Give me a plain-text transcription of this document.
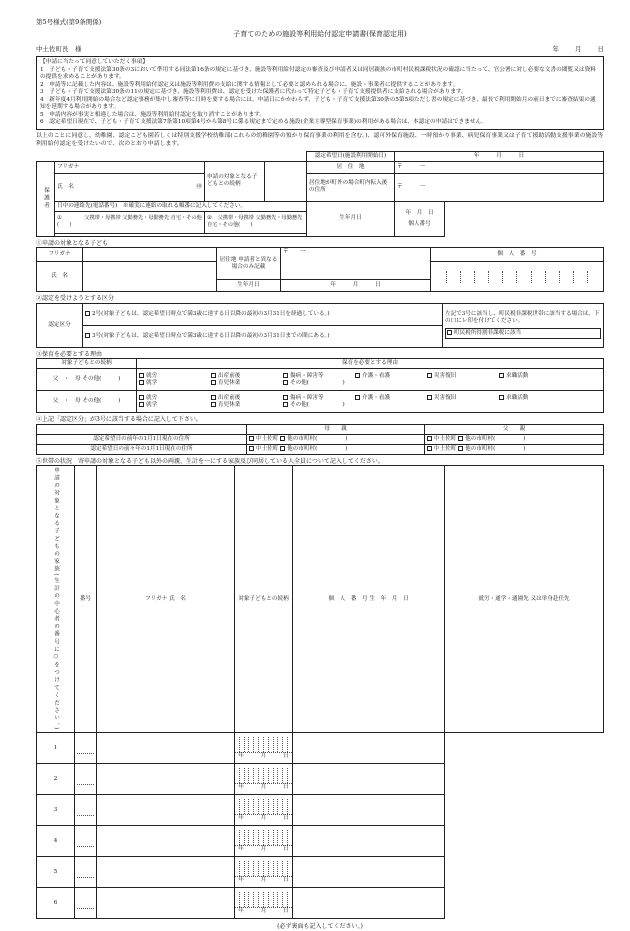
第5号様式(第9条関係)
子育てのための施設等利用給付認定申請書(保育認定用)
中土佐町長　様	年 月 日

【申請に当たって同意していただく事項】

1　子ども・子育て支援法第30条の3において準用する同法第16条の規定に基づき、施設等利用給付認定の審査及び申請者又は同居親族の市町村民税課税状況の確認に当たって、官公署に対し必要な文書の閲覧又は資料の提供を求めることがあります。

2　申請等に記載した内容は、施設等利用給付認定又は施設等利用費の支給に関する情報として必要と認められる場合に、施設・事業者に提供することがあります。

3　子ども・子育て支援法第30条の11の規定に基づき、施設等利用費は、認定を受けた保護者に代わって特定子ども・子育て支援提供者に支給される場合があります。

4　新年度4月利用開始の場合など認定事務が集中し審査等に日時を要する場合には、申請日にかかわらず、子ども・子育て支援法第30条の5第5項ただし書の規定に基づき、最長で利用開始月の前日までに審査結果の通知を延期する場合があります。

5　申請内容が事実と相違した場合は、施設等利用給付認定を取り消すことがあります。

6　認定希望日現在で、子ども・子育て支援法第7条第10項第4号から第8号に係る規定まで定める施設(企業主導型保育事業)の利用がある場合は、本認定の申請はできません。

以上のことに同意し、幼稚園、認定こども園若しくは特別支援学校幼稚部(これらの幼稚園等の預かり保育事業の利用を含む。)、認可外保育施設、一時預かり事業、病児保育事業又は子育て援助活動支援事業の施設等利用給付認定を受けたいので、次のとおり申請します。

				認定希望日(施設利用開始日)	年　　　 月　　　 日
保護者	フリガナ	申請の対象となる子どもとの続柄		居　住　地	〒　　　一
	氏　名 ㊞			居住地が町外の場合町内転入後の住所	〒　　　一
	日中の連絡先(電話番号)　※確実に連絡の取れる順番に記入してください。			生年月日	年　月　日
個人番号

	①　　　　 父携帯・母携帯 父勤務先・母勤務先 自宅・その他(　　)	②　 父携帯・母携帯 父勤務先・母勤務先 自宅・その他(　　)			

①申請の対象となる子ども
フリガナ		居住地 申請者と異なる場合のみ記載	〒　　一	個　人　番　号
氏　名				

		生年月日	年　　　月　　　日	
②認定を受けようとする区分
認定区分	2号(対象子どもは、認定希望日時点で満3歳に達する日以降の最初の3月31日を経過している。)	左記で3号に該当し、町民税非課税世帯に該当する場合は、下の口にレ印を付けてください。
町民税所得割非課税に該当

3号(対象子どもは、認定希望日時点で満3歳に達する日以降の最初の3月31日までの間にある。)
③保育を必要とする理由
対象子どもとの続柄	保育を必要とする理由
父　・　母 その他(　　　)	就労 出産前後 傷病・障害等 介護・看護 災害復旧 求職活動
就学 育児休業 その他(　　　　　　)

父　・　母 その他(　　　)	就労 出産前後 傷病・障害等 介護・看護 災害復旧 求職活動
就学 育児休業 その他(　　　　　　)
④上記「認定区分」が3号に該当する場合に記入して下さい。
	母　　親	父　　親
認定希望日の前年の1月1日現在の住所	中土佐町 他の市町村(　　　　　)	中土佐町 他の市町村(　　　　　)
認定希望日の前々年の1月1日現在の住所	中土佐町 他の市町村(　　　　　)	中土佐町 他の市町村(　　　　　)
⑤世帯の状況　寄申請の対象となる子ども以外の両親、生計を一にする家族及び同居している人全員について記入してください。
申請の対象となる子どもの家族(生計の中心者の番号に○をつけてください。)	番号	フリガナ 氏　名	対象子どもとの続柄	個　人　番　号 生　年　月　日	就労・通学・通園先 又は単身赴任先
1			年　　　月　　　日		

2			年　　　月　　　日		

3			年　　　月　　　日		

4			年　　　月　　　日		

5			年　　　月　　　日		

6			年　　　月　　　日		

(必ず裏面も記入してください。)
